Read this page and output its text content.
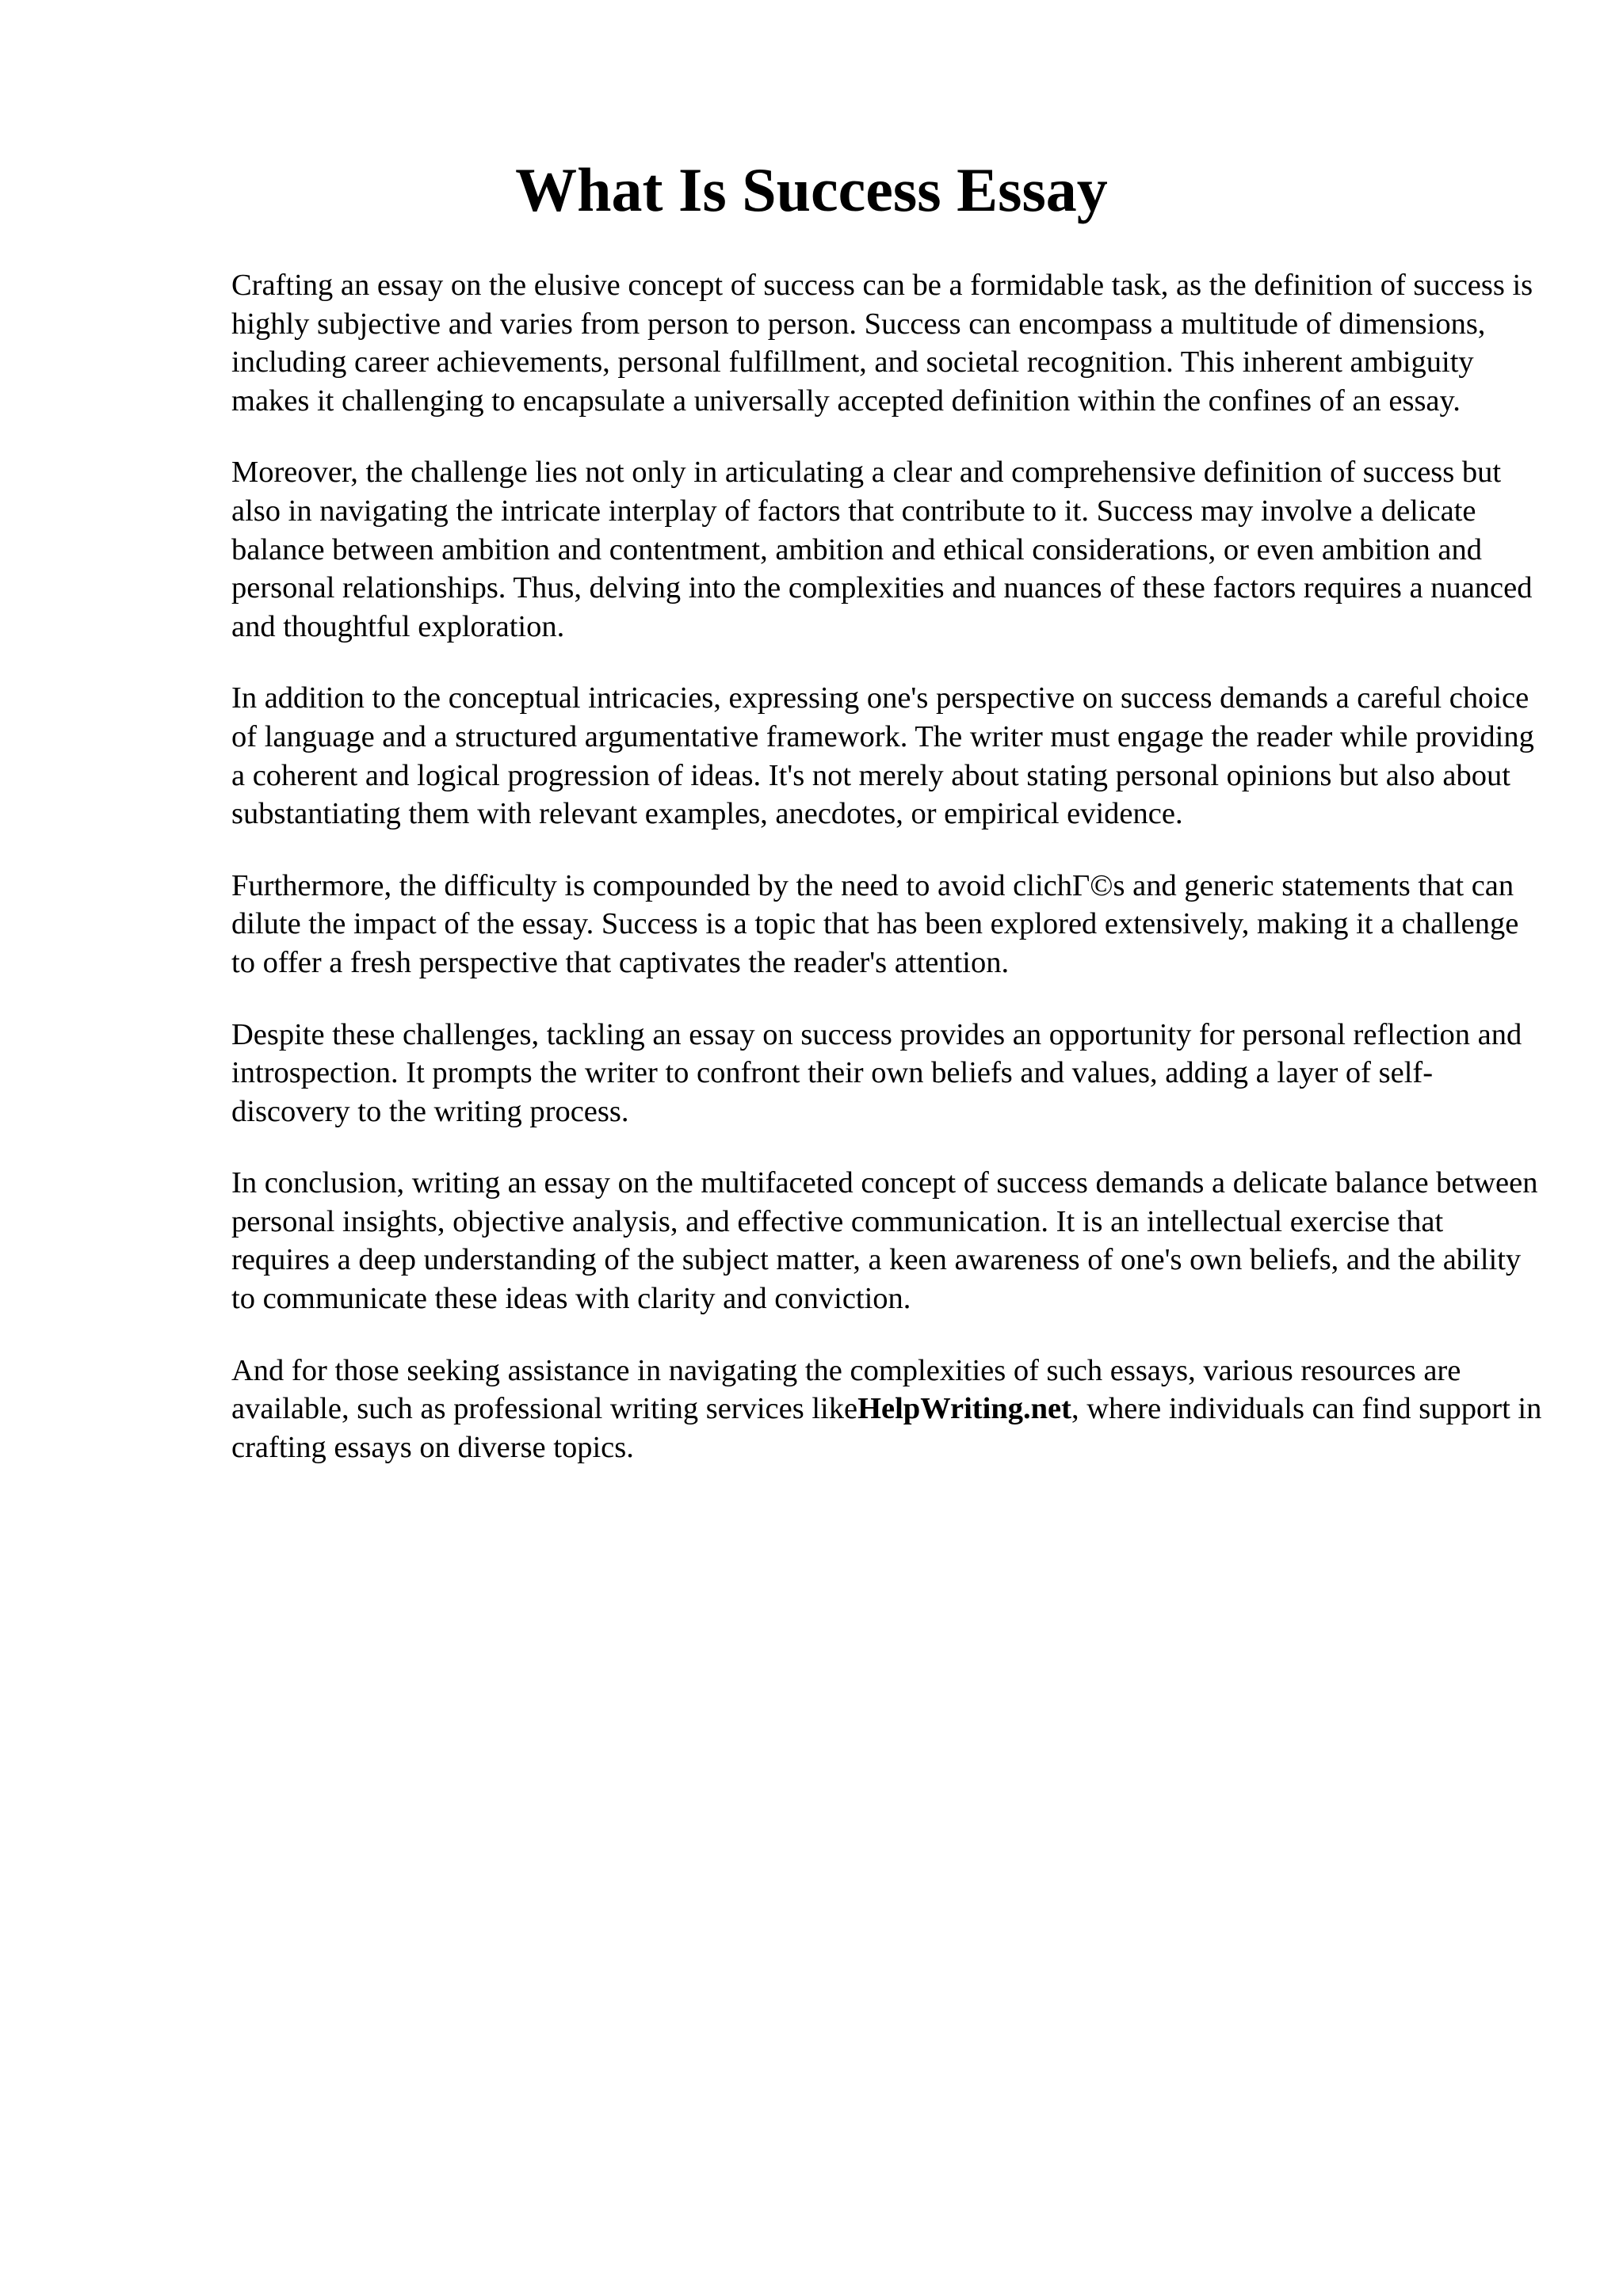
What Is Success Essay

Crafting an essay on the elusive concept of success can be a formidable task, as the definition of success is highly subjective and varies from person to person. Success can encompass a multitude of dimensions, including career achievements, personal fulfillment, and societal recognition. This inherent ambiguity makes it challenging to encapsulate a universally accepted definition within the confines of an essay.

Moreover, the challenge lies not only in articulating a clear and comprehensive definition of success but also in navigating the intricate interplay of factors that contribute to it. Success may involve a delicate balance between ambition and contentment, ambition and ethical considerations, or even ambition and personal relationships. Thus, delving into the complexities and nuances of these factors requires a nuanced and thoughtful exploration.

In addition to the conceptual intricacies, expressing one's perspective on success demands a careful choice of language and a structured argumentative framework. The writer must engage the reader while providing a coherent and logical progression of ideas. It's not merely about stating personal opinions but also about substantiating them with relevant examples, anecdotes, or empirical evidence.

Furthermore, the difficulty is compounded by the need to avoid clichΓ©s and generic statements that can dilute the impact of the essay. Success is a topic that has been explored extensively, making it a challenge to offer a fresh perspective that captivates the reader's attention.

Despite these challenges, tackling an essay on success provides an opportunity for personal reflection and introspection. It prompts the writer to confront their own beliefs and values, adding a layer of self-discovery to the writing process.

In conclusion, writing an essay on the multifaceted concept of success demands a delicate balance between personal insights, objective analysis, and effective communication. It is an intellectual exercise that requires a deep understanding of the subject matter, a keen awareness of one's own beliefs, and the ability to communicate these ideas with clarity and conviction.

And for those seeking assistance in navigating the complexities of such essays, various resources are available, such as professional writing services likeHelpWriting.net, where individuals can find support in crafting essays on diverse topics.
